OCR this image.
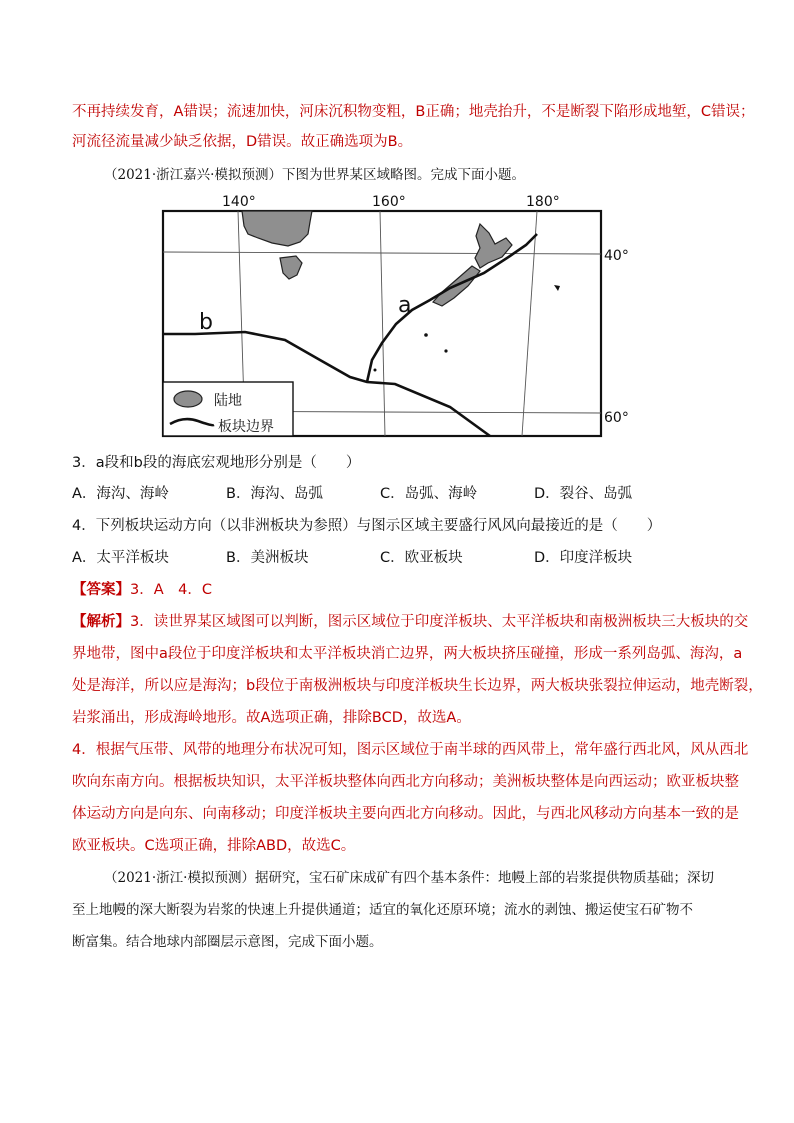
不再持续发育，A错误；流速加快，河床沉积物变粗，B正确；地壳抬升，不是断裂下陷形成地堑，C错误；

河流径流量减少缺乏依据，D错误。故正确选项为B。

（2021·浙江嘉兴·模拟预测）下图为世界某区域略图。完成下面小题。

140°	160°	180°
40°
60°
a
b
陆地
板块边界

3．a段和b段的海底宏观地形分别是（　　）

A．海沟、海岭	B．海沟、岛弧	C．岛弧、海岭	D．裂谷、岛弧

4．下列板块运动方向（以非洲板块为参照）与图示区域主要盛行风风向最接近的是（　　）

A．太平洋板块	B．美洲板块	C．欧亚板块	D．印度洋板块

【答案】3．A　4．C

【解析】3．读世界某区域图可以判断，图示区域位于印度洋板块、太平洋板块和南极洲板块三大板块的交

界地带，图中a段位于印度洋板块和太平洋板块消亡边界，两大板块挤压碰撞，形成一系列岛弧、海沟，a

处是海洋，所以应是海沟；b段位于南极洲板块与印度洋板块生长边界，两大板块张裂拉伸运动，地壳断裂，

岩浆涌出，形成海岭地形。故A选项正确，排除BCD，故选A。

4．根据气压带、风带的地理分布状况可知，图示区域位于南半球的西风带上，常年盛行西北风，风从西北

吹向东南方向。根据板块知识，太平洋板块整体向西北方向移动；美洲板块整体是向西运动；欧亚板块整

体运动方向是向东、向南移动；印度洋板块主要向西北方向移动。因此，与西北风移动方向基本一致的是

欧亚板块。C选项正确，排除ABD，故选C。

（2021·浙江·模拟预测）据研究，宝石矿床成矿有四个基本条件：地幔上部的岩浆提供物质基础；深切

至上地幔的深大断裂为岩浆的快速上升提供通道；适宜的氧化还原环境；流水的剥蚀、搬运使宝石矿物不

断富集。结合地球内部圈层示意图，完成下面小题。
